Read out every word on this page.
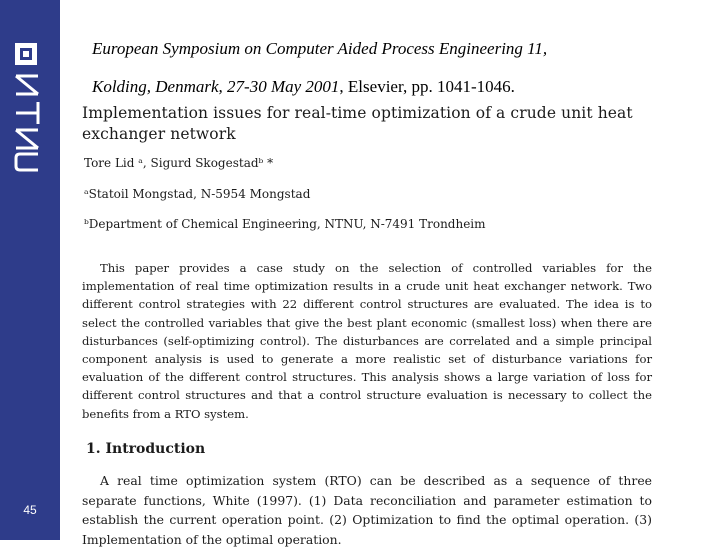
45
European Symposium on Computer Aided Process Engineering 11,
Kolding, Denmark, 27-30 May 2001, Elsevier, pp. 1041-1046.
Implementation issues for real-time optimization of a crude unit heat exchanger network
Tore Lid ᵃ, Sigurd Skogestadᵇ *
ᵃStatoil Mongstad, N-5954 Mongstad
ᵇDepartment of Chemical Engineering, NTNU, N-7491 Trondheim

This paper provides a case study on the selection of controlled variables for the implementation of real time optimization results in a crude unit heat exchanger network. Two different control strategies with 22 different control structures are evaluated. The idea is to select the controlled variables that give the best plant economic (smallest loss) when there are disturbances (self-optimizing control). The disturbances are correlated and a simple principal component analysis is used to generate a more realistic set of disturbance variations for evaluation of the different control structures. This analysis shows a large variation of loss for different control structures and that a control structure evaluation is necessary to collect the benefits from a RTO system.

1. Introduction

A real time optimization system (RTO) can be described as a sequence of three separate functions, White (1997). (1) Data reconciliation and parameter estimation to establish the current operation point. (2) Optimization to find the optimal operation. (3) Implementation of the optimal operation.
